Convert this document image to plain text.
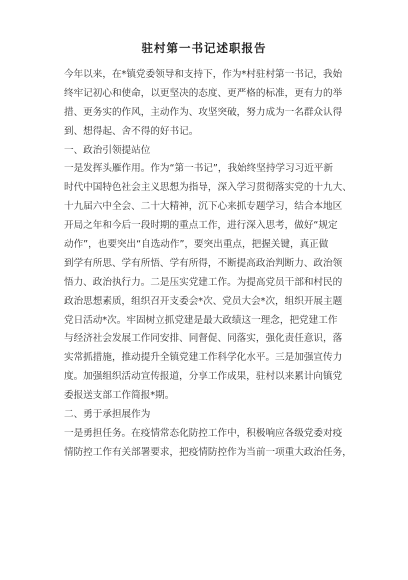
驻村第一书记述职报告
今年以来，在*镇党委领导和支持下，作为*村驻村第一书记，我始
终牢记初心和使命，以更坚决的态度、更严格的标准，更有力的举
措、更务实的作风，主动作为、攻坚突破，努力成为一名群众认得
到、想得起、舍不得的好书记。
一、政治引领提站位
一是发挥头雁作用。作为“第一书记”，我始终坚持学习习近平新
时代中国特色社会主义思想为指导，深入学习贯彻落实党的十九大、
十九届六中全会、二十大精神，沉下心来抓专题学习，结合本地区
开局之年和今后一段时期的重点工作，进行深入思考，做好“规定
动作”，也要突出“自选动作”，要突出重点，把握关键，真正做
到学有所思、学有所悟、学有所得，不断提高政治判断力、政治领
悟力、政治执行力。二是压实党建工作。为提高党员干部和村民的
政治思想素质，组织召开支委会*次、党员大会*次，组织开展主题
党日活动*次。牢固树立抓党建是最大政绩这一理念，把党建工作
与经济社会发展工作同安排、同督促、同落实，强化责任意识，落
实常抓措施，推动提升全镇党建工作科学化水平。三是加强宣传力
度。加强组织活动宣传报道，分享工作成果，驻村以来累计向镇党
委报送支部工作简报*期。
二、勇于承担展作为
一是勇担任务。在疫情常态化防控工作中，积极响应各级党委对疫
情防控工作有关部署要求，把疫情防控作为当前一项重大政治任务，
